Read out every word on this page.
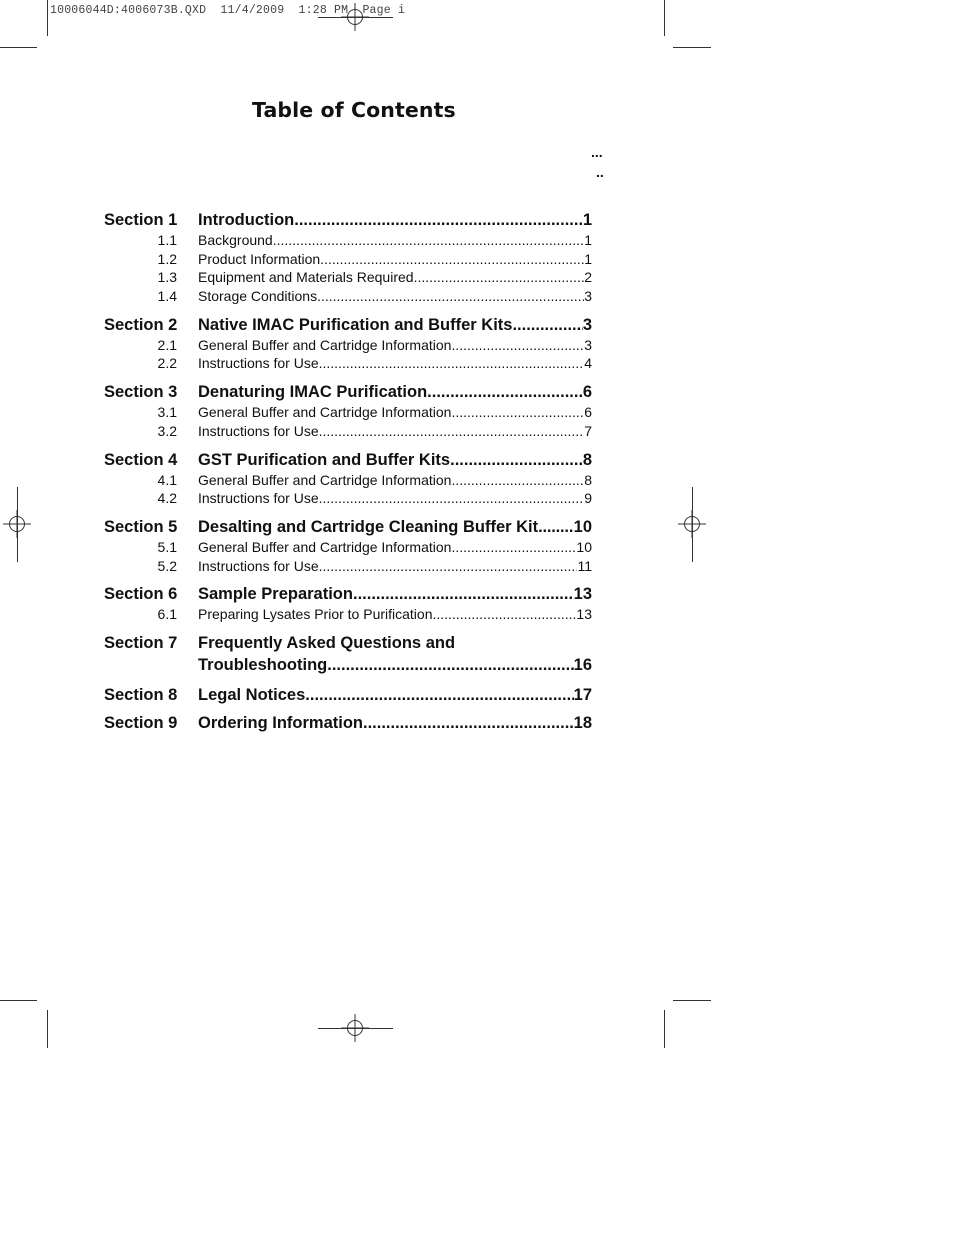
10006044D:4006073B.QXD  11/4/2009  1:28 PM  Page i
Table of Contents
...
..
Section 1	Introduction .....	1
1.1	Background .....	1
1.2	Product Information .....	1
1.3	Equipment and Materials Required .....	2
1.4	Storage Conditions .....	3
Section 2	Native IMAC Purification and Buffer Kits .....	3
2.1	General Buffer and Cartridge Information .....	3
2.2	Instructions for Use .....	4
Section 3	Denaturing IMAC Purification .....	6
3.1	General Buffer and Cartridge Information .....	6
3.2	Instructions for Use .....	7
Section 4	GST Purification and Buffer Kits .....	8
4.1	General Buffer and Cartridge Information .....	8
4.2	Instructions for Use .....	9
Section 5	Desalting and Cartridge Cleaning Buffer Kit ..... 10
5.1	General Buffer and Cartridge Information .....	10
5.2	Instructions for Use .....	11
Section 6	Sample Preparation .....	13
6.1	Preparing Lysates Prior to Purification .....	13
Section 7	Frequently Asked Questions and
Troubleshooting .....	16
Section 8	Legal Notices .....	17
Section 9	Ordering Information .....	18
